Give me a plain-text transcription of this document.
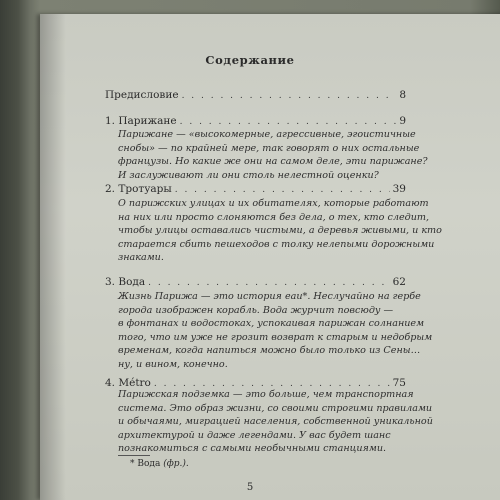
Содержание
Предисловие . . .	8
1. Парижане . . .	9
Парижане — «высокомерные, агрессивные, эгоистичные
снобы» — по крайней мере, так говорят о них остальные
французы. Но какие же они на самом деле, эти парижане?
И заслуживают ли они столь нелестной оценки?
2. Тротуары . . .	39
О парижских улицах и их обитателях, которые работают
на них или просто слоняются без дела, о тех, кто следит,
чтобы улицы оставались чистыми, а деревья живыми, и кто
старается сбить пешеходов с толку нелепыми дорожными
знаками.
3. Вода . . .	62
Жизнь Парижа — это история eau*. Неслучайно на гербе
города изображен корабль. Вода журчит повсюду —
в фонтанах и водостоках, успокаивая парижан солнанием
того, что им уже не грозит возврат к старым и недобрым
временам, когда напиться можно было только из Сены…
ну, и вином, конечно.
4. Métro . . .	75
Парижская подземка — это больше, чем транспортная
система. Это образ жизни, со своими строгими правилами
и обычаями, миграцией населения, собственной уникальной
архитектурой и даже легендами. У вас будет шанс
познакомиться с самыми необычными станциями.
* Вода (фр.).
5
